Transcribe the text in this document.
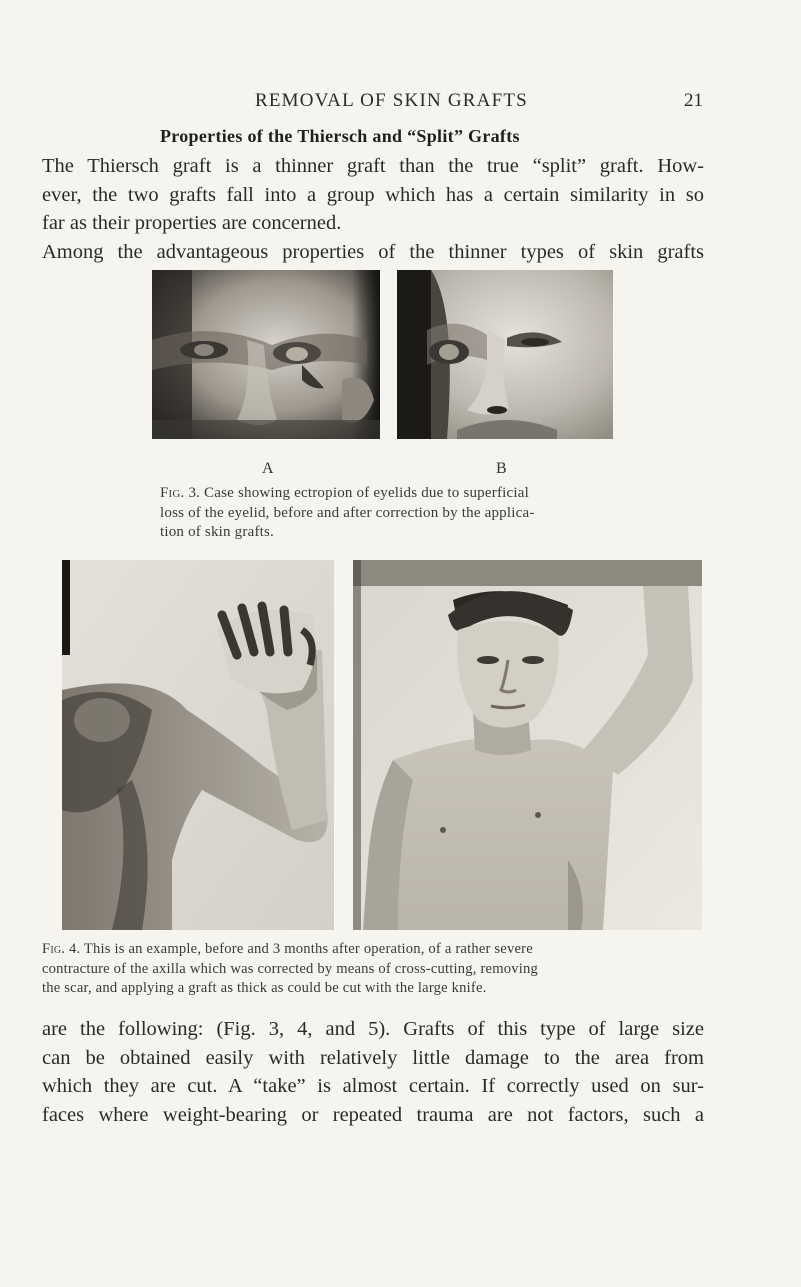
REMOVAL OF SKIN GRAFTS	21
Properties of the Thiersch and “Split” Grafts
The Thiersch graft is a thinner graft than the true “split” graft. How-
ever, the two grafts fall into a group which has a certain similarity in so
far as their properties are concerned.
Among the advantageous properties of the thinner types of skin grafts
A	B
Fig. 3. Case showing ectropion of eyelids due to superficial
loss of the eyelid, before and after correction by the applica-
tion of skin grafts.
Fig. 4. This is an example, before and 3 months after operation, of a rather severe
contracture of the axilla which was corrected by means of cross-cutting, removing
the scar, and applying a graft as thick as could be cut with the large knife.
are the following: (Fig. 3, 4, and 5). Grafts of this type of large size
can be obtained easily with relatively little damage to the area from
which they are cut. A “take” is almost certain. If correctly used on sur-
faces where weight-bearing or repeated trauma are not factors, such a
